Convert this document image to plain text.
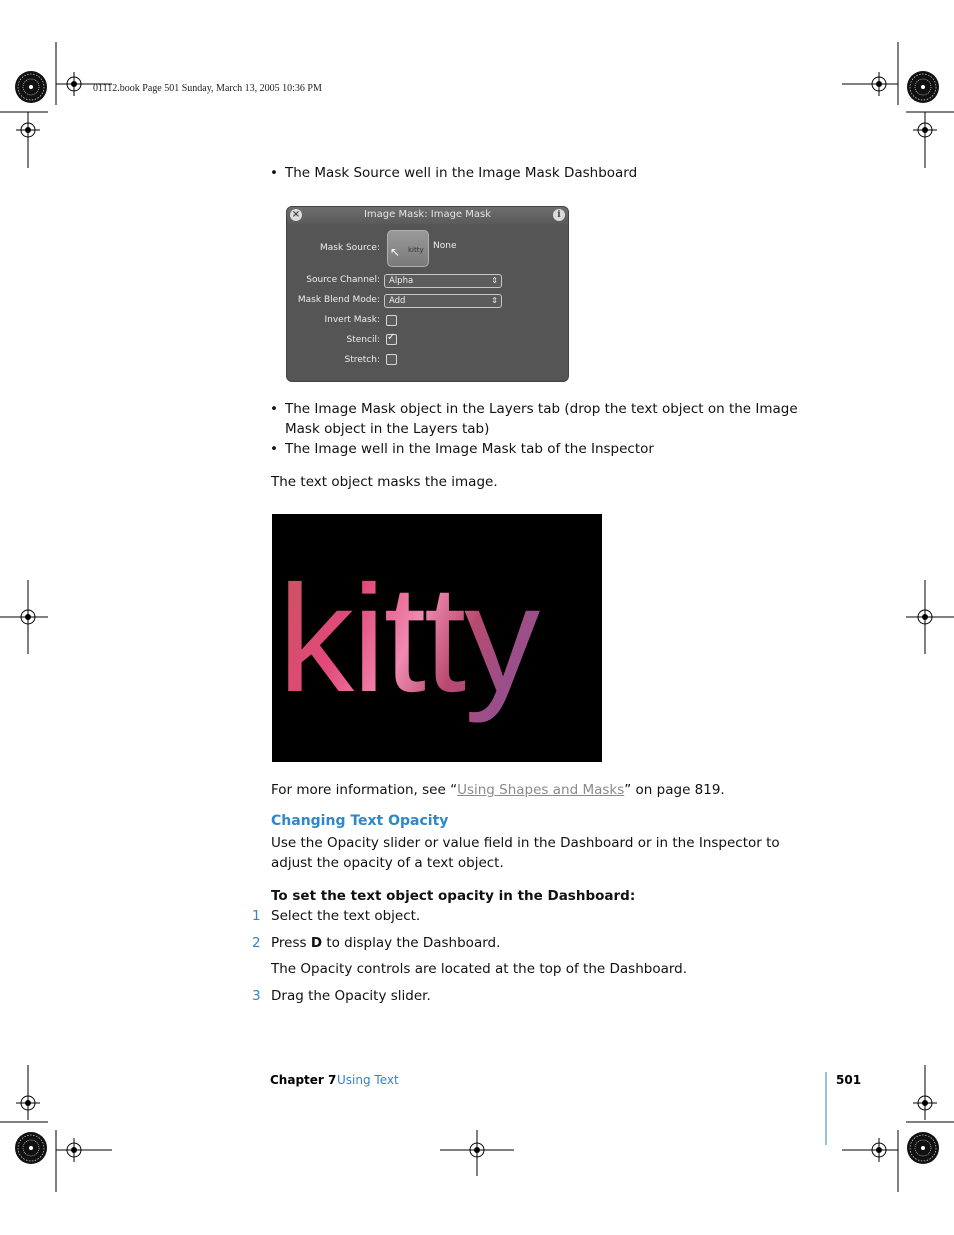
01112.book Page 501 Sunday, March 13, 2005 10:36 PM
• The Mask Source well in the Image Mask Dashboard
Image Mask: Image Mask
×	i
Mask Source: ↖ kitty None
Source Channel: Alpha	⇕
Mask Blend Mode: Add	⇕
Invert Mask:
Stencil: ✓
Stretch:
• The Image Mask object in the Layers tab (drop the text object on the Image Mask object in the Layers tab)
• The Image well in the Image Mask tab of the Inspector
The text object masks the image.
kitty
For more information, see “Using Shapes and Masks” on page 819.
Changing Text Opacity
Use the Opacity slider or value field in the Dashboard or in the Inspector to adjust the opacity of a text object.
To set the text object opacity in the Dashboard:
1 Select the text object.
2 Press D to display the Dashboard.
The Opacity controls are located at the top of the Dashboard.
3 Drag the Opacity slider.
Chapter 7 Using Text	501
